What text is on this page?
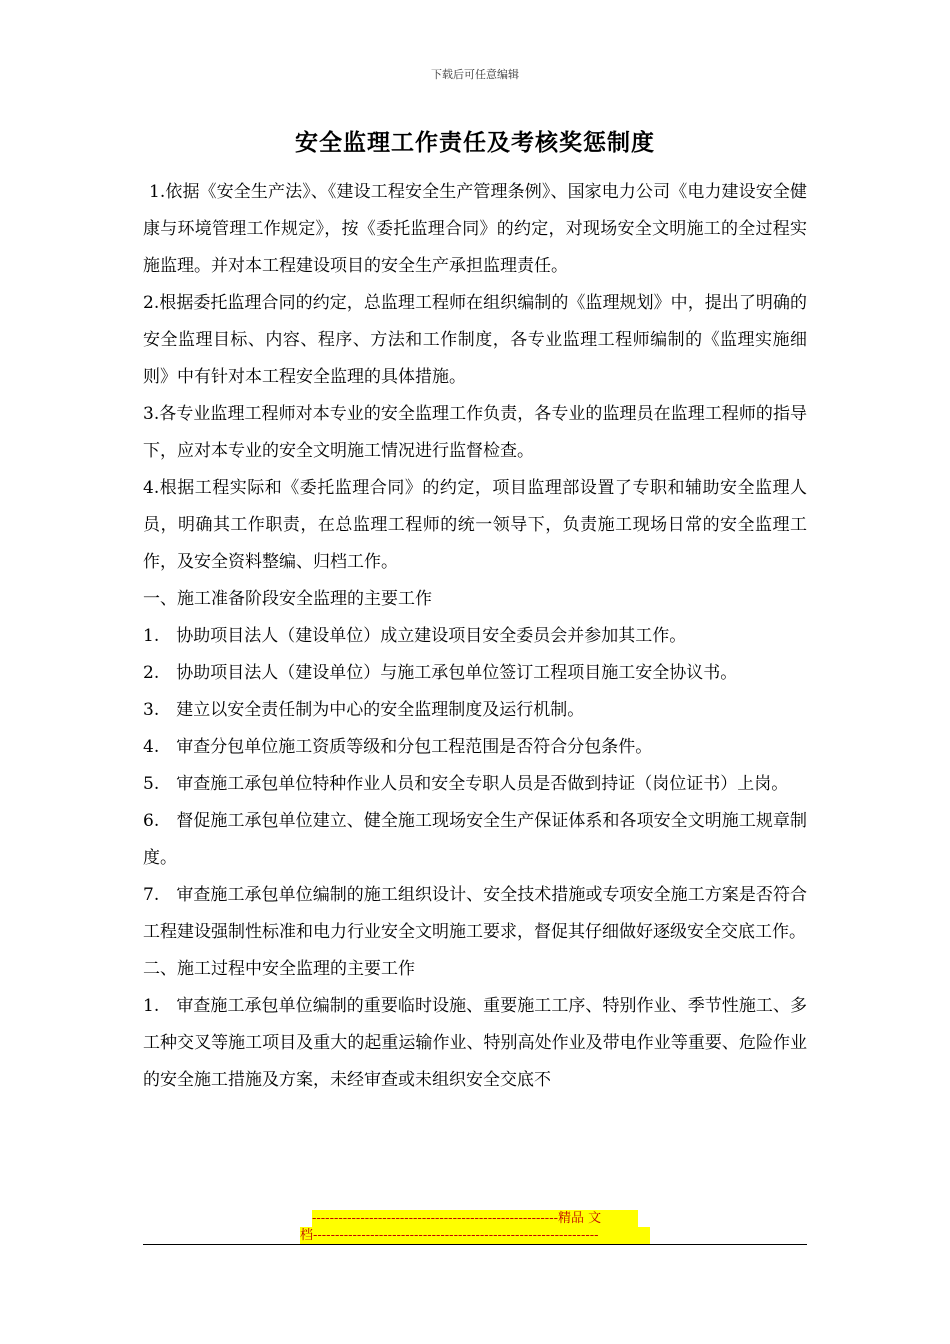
下载后可任意编辑
安全监理工作责任及考核奖惩制度

1.依据《安全生产法》、《建设工程安全生产管理条例》、国家电力公司《电力建设安全健康与环境管理工作规定》，按《委托监理合同》的约定，对现场安全文明施工的全过程实施监理。并对本工程建设项目的安全生产承担监理责任。

2.根据委托监理合同的约定，总监理工程师在组织编制的《监理规划》中，提出了明确的安全监理目标、内容、程序、方法和工作制度，各专业监理工程师编制的《监理实施细则》中有针对本工程安全监理的具体措施。

3.各专业监理工程师对本专业的安全监理工作负责，各专业的监理员在监理工程师的指导下，应对本专业的安全文明施工情况进行监督检查。

4.根据工程实际和《委托监理合同》的约定，项目监理部设置了专职和辅助安全监理人员，明确其工作职责，在总监理工程师的统一领导下，负责施工现场日常的安全监理工作，及安全资料整编、归档工作。

一、施工准备阶段安全监理的主要工作

1.　协助项目法人（建设单位）成立建设项目安全委员会并参加其工作。

2.　协助项目法人（建设单位）与施工承包单位签订工程项目施工安全协议书。

3.　建立以安全责任制为中心的安全监理制度及运行机制。

4.　审查分包单位施工资质等级和分包工程范围是否符合分包条件。

5.　审查施工承包单位特种作业人员和安全专职人员是否做到持证（岗位证书）上岗。

6.　督促施工承包单位建立、健全施工现场安全生产保证体系和各项安全文明施工规章制度。

7.　审查施工承包单位编制的施工组织设计、安全技术措施或专项安全施工方案是否符合工程建设强制性标准和电力行业安全文明施工要求，督促其仔细做好逐级安全交底工作。

二、施工过程中安全监理的主要工作

1.　审查施工承包单位编制的重要临时设施、重要施工工序、特别作业、季节性施工、多工种交叉等施工项目及重大的起重运输作业、特别高处作业及带电作业等重要、危险作业的安全施工措施及方案，未经审查或未组织安全交底不

--------------------------------------------------------精品 文
档-----------------------------------------------------------------
